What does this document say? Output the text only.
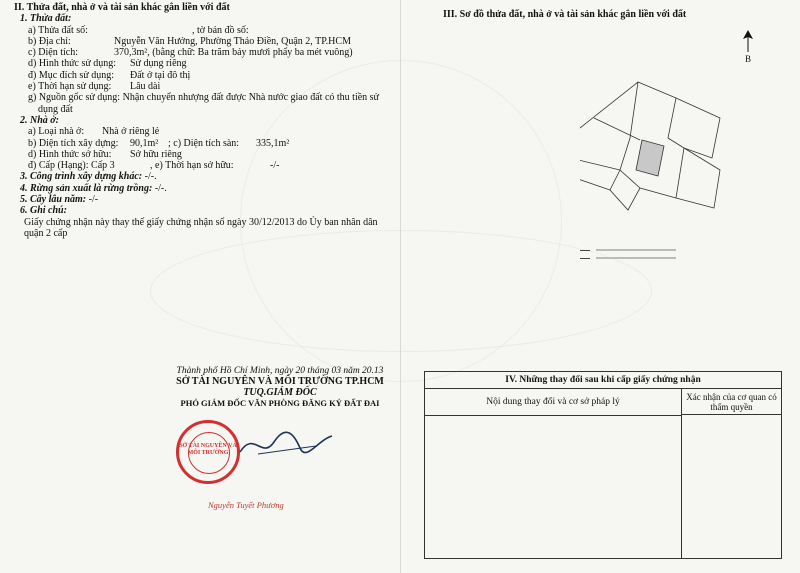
II. Thửa đất, nhà ở và tài sản khác gắn liền với đất
1. Thửa đất:
a) Thửa đất số:	, tờ bản đồ số:
b) Địa chỉ:	Nguyễn Văn Hưởng, Phường Thảo Điền, Quận 2, TP.HCM
c) Diện tích:	370,3m², (bằng chữ: Ba trăm bảy mươi phẩy ba mét vuông)
d) Hình thức sử dụng: Sử dụng riêng
đ) Mục đích sử dụng: Đất ở tại đô thị
e) Thời hạn sử dụng: Lâu dài
g) Nguồn gốc sử dụng: Nhận chuyển nhượng đất được Nhà nước giao đất có thu tiền sử
dụng đất
2. Nhà ở:
a) Loại nhà ở: Nhà ở riêng lẻ
b) Diện tích xây dựng: 90,1m² ; c) Diện tích sàn: 335,1m²
d) Hình thức sở hữu: Sở hữu riêng
đ) Cấp (Hạng): Cấp 3	, e) Thời hạn sở hữu:	-/-
3. Công trình xây dựng khác: -/-.
4. Rừng sản xuất là rừng trồng: -/-.
5. Cây lâu năm: -/-
6. Ghi chú:
Giấy chứng nhận này thay thế giấy chứng nhận số ngày 30/12/2013 do Ủy ban nhân dân quận 2 cấp
Thành phố Hồ Chí Minh, ngày 20 tháng 03 năm 20.13
SỞ TÀI NGUYÊN VÀ MÔI TRƯỜNG TP.HCM
TUQ.GIÁM ĐỐC
PHÓ GIÁM ĐỐC VĂN PHÒNG ĐĂNG KÝ ĐẤT ĐAI
SỞ TÀI NGUYÊN VÀ MÔI TRƯỜNG
Nguyễn Tuyết Phương
III. Sơ đồ thửa đất, nhà ở và tài sản khác gắn liền với đất
B
IV. Những thay đổi sau khi cấp giấy chứng nhận
Nội dung thay đổi và cơ sở pháp lý	Xác nhận của cơ quan có thẩm quyền
